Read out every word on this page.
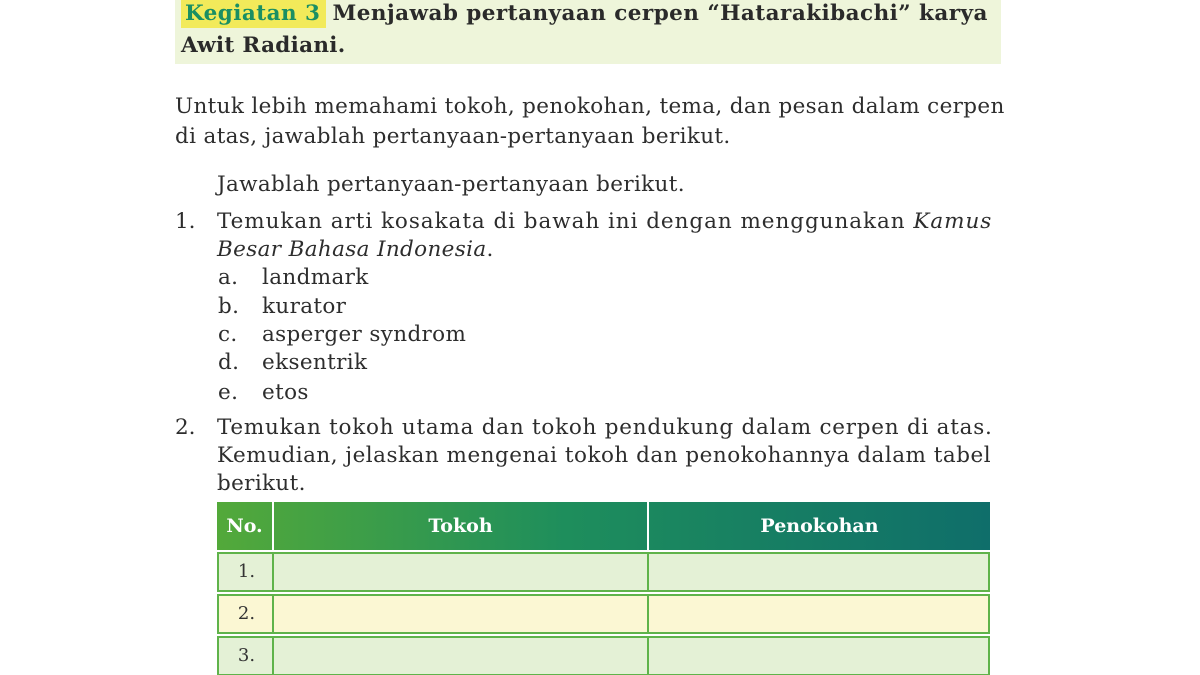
Kegiatan 3 Menjawab pertanyaan cerpen “Hatarakibachi” karya
Awit Radiani.
Untuk lebih memahami tokoh, penokohan, tema, dan pesan dalam cerpen
di atas, jawablah pertanyaan-pertanyaan berikut.
Jawablah pertanyaan-pertanyaan berikut.
1. Temukan arti kosakata di bawah ini dengan menggunakan Kamus
Besar Bahasa Indonesia.
a. landmark
b. kurator
c. asperger syndrom
d. eksentrik
e. etos
2. Temukan tokoh utama dan tokoh pendukung dalam cerpen di atas.
Kemudian, jelaskan mengenai tokoh dan penokohannya dalam tabel
berikut.
No.	Tokoh	Penokohan
1.
2.
3.
